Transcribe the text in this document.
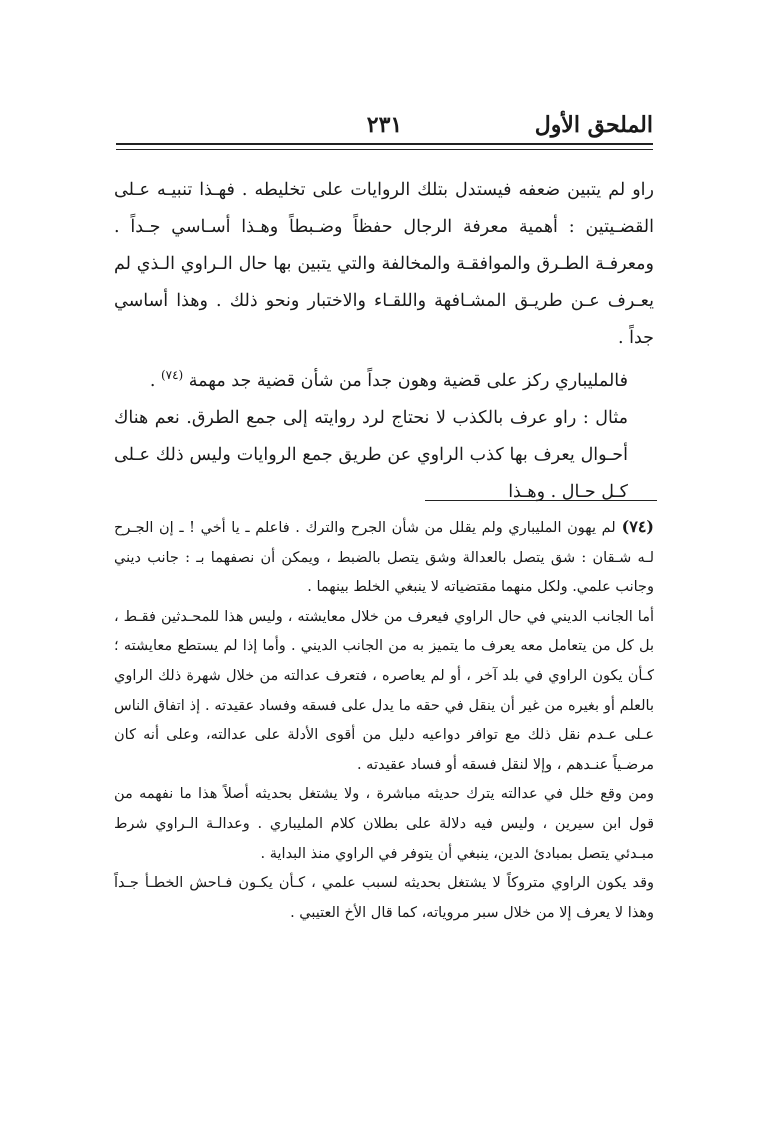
الملحق الأول
٢٣١

راو لم يتبين ضعفه فيستدل بتلك الروايات على تخليطه . فهـذا تنبيـه عـلى القضـيتين : أهمية معرفة الرجال حفظاً وضـبطاً وهـذا أسـاسي جـداً . ومعرفـة الطـرق والموافقـة والمخالفة والتي يتبين بها حال الـراوي الـذي لم يعـرف عـن طريـق المشـافهة واللقـاء والاختبار ونحو ذلك . وهذا أساسي جداً .

فالمليباري ركز على قضية وهون جداً من شأن قضية جد مهمة $^{(٧٤)}$ .

مثال : راو عرف بالكذب لا نحتاج لرد روايته إلى جمع الطرق. نعم هناك أحـوال يعرف بها كذب الراوي عن طريق جمع الروايات وليس ذلك عـلى كـل حـال . وهـذا

(٧٤)لم يهون المليباري ولم يقلل من شأن الجرح والترك . فاعلم ـ يا أخي ! ـ إن الجـرح لـه شـقان : شق يتصل بالعدالة وشق يتصل بالضبط ، ويمكن أن نصفهما بـ : جانب ديني وجانب علمي. ولكل منهما مقتضياته لا ينبغي الخلط بينهما .

أما الجانب الديني في حال الراوي فيعرف من خلال معايشته ، وليس هذا للمحـدثين فقـط ، بل كل من يتعامل معه يعرف ما يتميز به من الجانب الديني . وأما إذا لم يستطع معايشته ؛ كـأن يكون الراوي في بلد آخر ، أو لم يعاصره ، فتعرف عدالته من خلال شهرة ذلك الراوي بالعلم أو بغيره من غير أن ينقل في حقه ما يدل على فسقه وفساد عقيدته . إذ اتفاق الناس عـلى عـدم نقل ذلك مع توافر دواعيه دليل من أقوى الأدلة على عدالته، وعلى أنه كان مرضـياً عنـدهم ، وإلا لنقل فسقه أو فساد عقيدته .

ومن وقع خلل في عدالته يترك حديثه مباشرة ، ولا يشتغل بحديثه أصلاً هذا ما نفهمه من قول ابن سيرين ، وليس فيه دلالة على بطلان كلام المليباري . وعدالـة الـراوي شرط مبـدئي يتصل بمبادئ الدين، ينبغي أن يتوفر في الراوي منذ البداية .

وقد يكون الراوي متروكاً لا يشتغل بحديثه لسبب علمي ، كـأن يكـون فـاحش الخطـأ جـداً وهذا لا يعرف إلا من خلال سبر مروياته، كما قال الأخ العتيبي .
